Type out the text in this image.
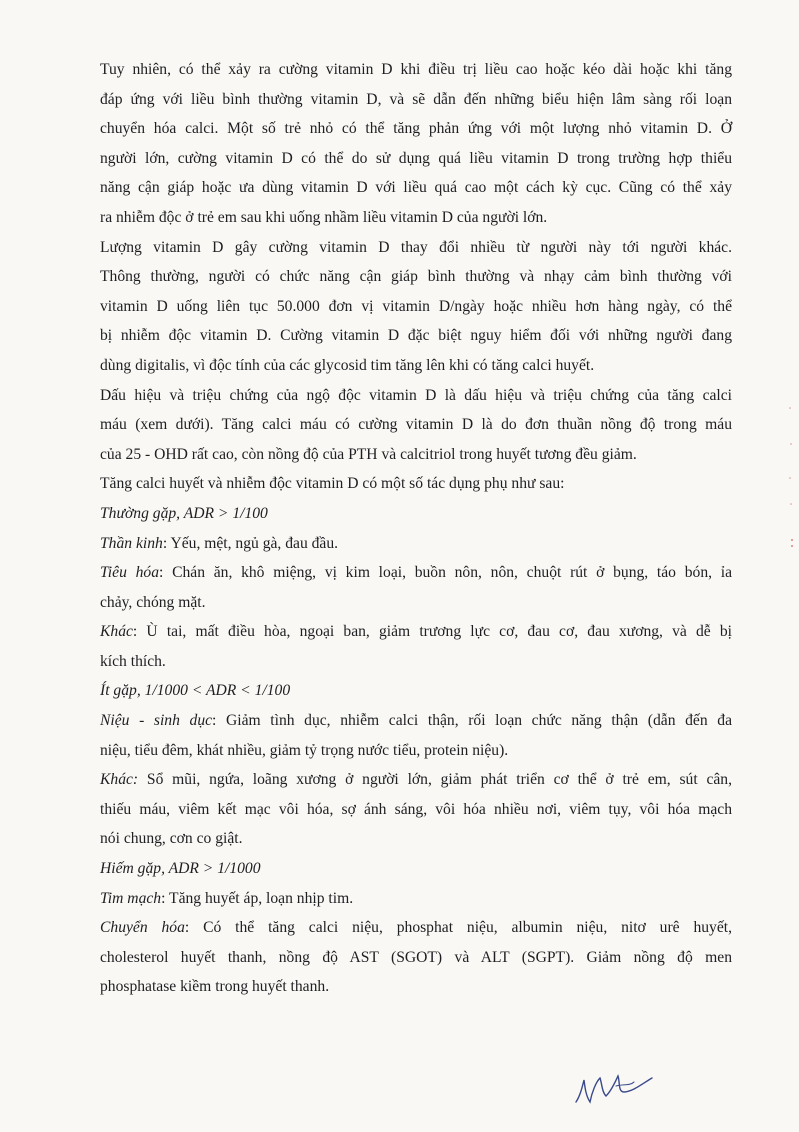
Tuy nhiên, có thể xảy ra cường vitamin D khi điều trị liều cao hoặc kéo dài hoặc khi tăng

đáp ứng với liều bình thường vitamin D, và sẽ dẫn đến những biểu hiện lâm sàng rối loạn

chuyển hóa calci. Một số trẻ nhỏ có thể tăng phản ứng với một lượng nhỏ vitamin D. Ở

người lớn, cường vitamin D có thể do sử dụng quá liều vitamin D trong trường hợp thiểu

năng cận giáp hoặc ưa dùng vitamin D với liều quá cao một cách kỳ cục. Cũng có thể xảy

ra nhiễm độc ở trẻ em sau khi uống nhầm liều vitamin D của người lớn.

Lượng vitamin D gây cường vitamin D thay đổi nhiều từ người này tới người khác.

Thông thường, người có chức năng cận giáp bình thường và nhạy cảm bình thường với

vitamin D uống liên tục 50.000 đơn vị vitamin D/ngày hoặc nhiều hơn hàng ngày, có thể

bị nhiễm độc vitamin D. Cường vitamin D đặc biệt nguy hiểm đối với những người đang

dùng digitalis, vì độc tính của các glycosid tim tăng lên khi có tăng calci huyết.

Dấu hiệu và triệu chứng của ngộ độc vitamin D là dấu hiệu và triệu chứng của tăng calci

máu (xem dưới). Tăng calci máu có cường vitamin D là do đơn thuần nồng độ trong máu

của 25 - OHD rất cao, còn nồng độ của PTH và calcitriol trong huyết tương đều giảm.

Tăng calci huyết và nhiễm độc vitamin D có một số tác dụng phụ như sau:

Thường gặp, ADR > 1/100

Thần kinh: Yếu, mệt, ngủ gà, đau đầu.

Tiêu hóa: Chán ăn, khô miệng, vị kim loại, buồn nôn, nôn, chuột rút ở bụng, táo bón, ỉa

chảy, chóng mặt.

Khác: Ù tai, mất điều hòa, ngoại ban, giảm trương lực cơ, đau cơ, đau xương, và dễ bị

kích thích.

Ít gặp, 1/1000 < ADR < 1/100

Niệu - sinh dục: Giảm tình dục, nhiễm calci thận, rối loạn chức năng thận (dẫn đến đa

niệu, tiểu đêm, khát nhiều, giảm tỷ trọng nước tiểu, protein niệu).

Khác: Sổ mũi, ngứa, loãng xương ở người lớn, giảm phát triển cơ thể ở trẻ em, sút cân,

thiếu máu, viêm kết mạc vôi hóa, sợ ánh sáng, vôi hóa nhiều nơi, viêm tụy, vôi hóa mạch

nói chung, cơn co giật.

Hiếm gặp, ADR > 1/1000

Tim mạch: Tăng huyết áp, loạn nhịp tim.

Chuyển hóa: Có thể tăng calci niệu, phosphat niệu, albumin niệu, nitơ urê huyết,

cholesterol huyết thanh, nồng độ AST (SGOT) và ALT (SGPT). Giảm nồng độ men

phosphatase kiềm trong huyết thanh.
